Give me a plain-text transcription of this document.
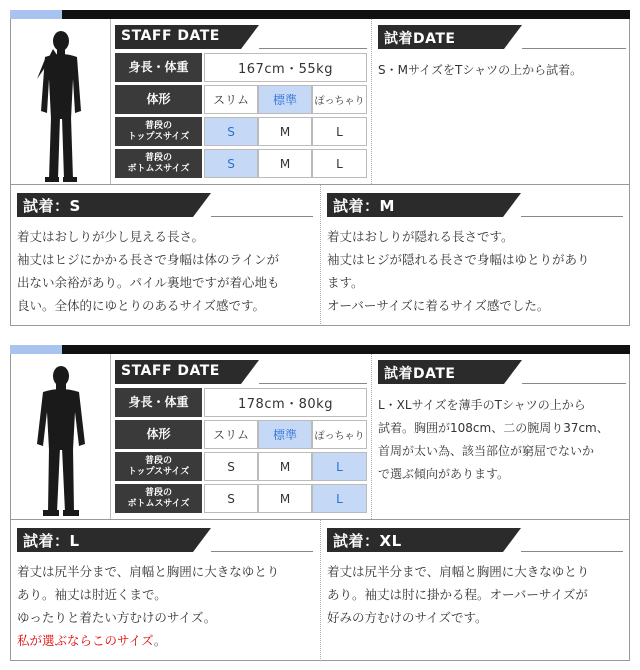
STAFF DATE
身長・体重	167cm・55kg
体形	スリム	標準	ぽっちゃり
普段の
トップスサイズ	S	M	L
普段の
ボトムスサイズ	S	M	L
試着DATE
S・MサイズをTシャツの上から試着。
試着：S
着丈はおしりが少し見える長さ。
袖丈はヒジにかかる長さで身幅は体のラインが
出ない余裕があり。パイル裏地ですが着心地も
良い。全体的にゆとりのあるサイズ感です。
試着：M
着丈はおしりが隠れる長さです。
袖丈はヒジが隠れる長さで身幅はゆとりがあり
ます。
オーバーサイズに着るサイズ感でした。
STAFF DATE
身長・体重	178cm・80kg
体形	スリム	標準	ぽっちゃり
普段の
トップスサイズ	S	M	L
普段の
ボトムスサイズ	S	M	L
試着DATE
L・XLサイズを薄手のTシャツの上から
試着。胸囲が108cm、二の腕周り37cm、
首周が太い為、該当部位が窮屈でないか
で選ぶ傾向があります。
試着：L
着丈は尻半分まで、肩幅と胸囲に大きなゆとり
あり。袖丈は肘近くまで。
ゆったりと着たい方むけのサイズ。
私が選ぶならこのサイズ。
試着：XL
着丈は尻半分まで、肩幅と胸囲に大きなゆとり
あり。袖丈は肘に掛かる程。オーバーサイズが
好みの方むけのサイズです。
